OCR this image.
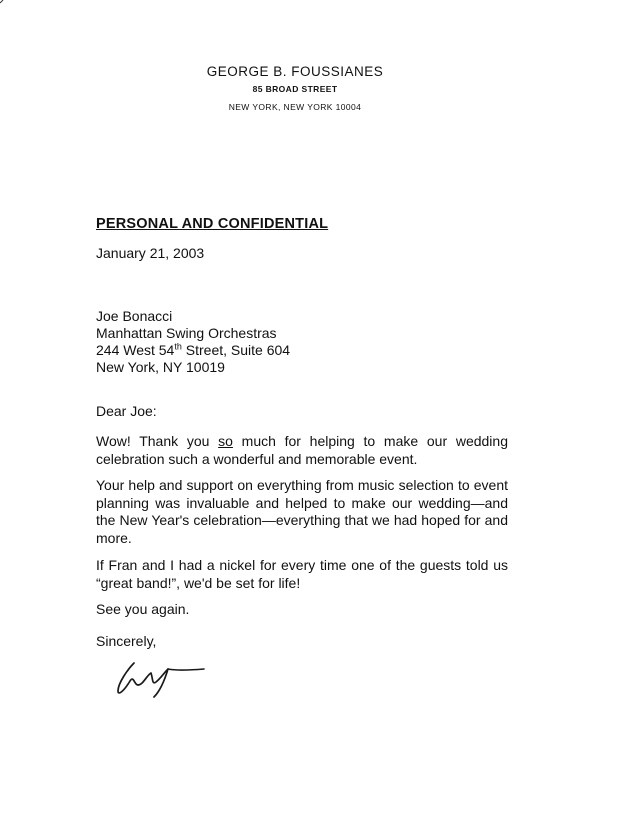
GEORGE B. FOUSSIANES
85 BROAD STREET
NEW YORK, NEW YORK 10004
PERSONAL AND CONFIDENTIAL
January 21, 2003
Joe Bonacci
Manhattan Swing Orchestras
244 West 54th Street, Suite 604
New York, NY 10019
Dear Joe:
Wow! Thank you so much for helping to make our wedding celebration such a wonderful and memorable event.
Your help and support on everything from music selection to event planning was invaluable and helped to make our wedding—and the New Year's celebration—everything that we had hoped for and more.
If Fran and I had a nickel for every time one of the guests told us “great band!”, we'd be set for life!
See you again.
Sincerely,
